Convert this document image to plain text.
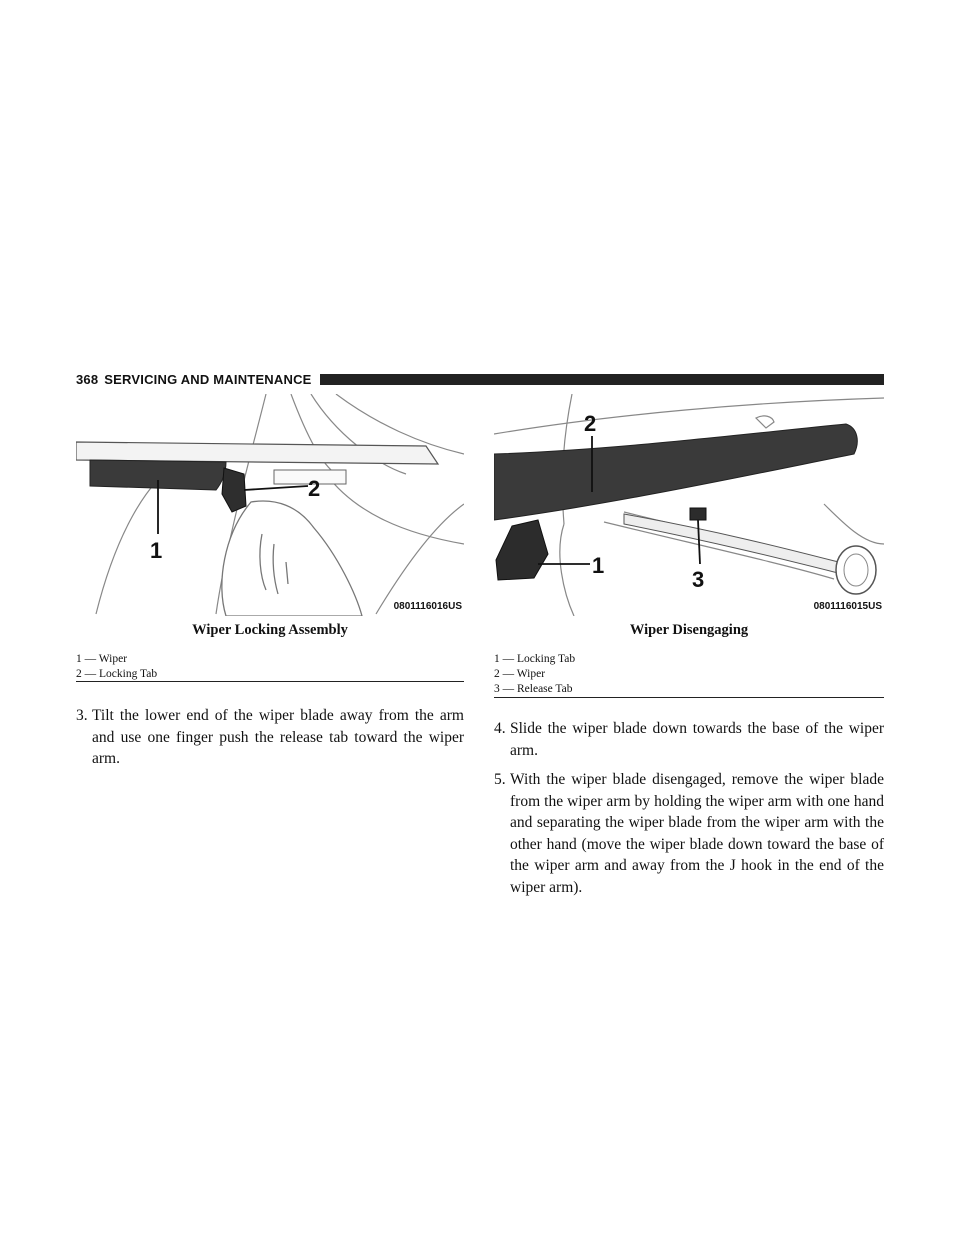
368 SERVICING AND MAINTENANCE
1
2
0801116016US
1
2
3
0801116015US
Wiper Locking Assembly	Wiper Disengaging
1 — Wiper
2 — Locking Tab
1 — Locking Tab
2 — Wiper
3 — Release Tab
3. Tilt the lower end of the wiper blade away from the arm and use one finger push the release tab toward the wiper arm.
4. Slide the wiper blade down towards the base of the wiper arm.
5. With the wiper blade disengaged, remove the wiper blade from the wiper arm by holding the wiper arm with one hand and separating the wiper blade from the wiper arm with the other hand (move the wiper blade down toward the base of the wiper arm and away from the J hook in the end of the wiper arm).
